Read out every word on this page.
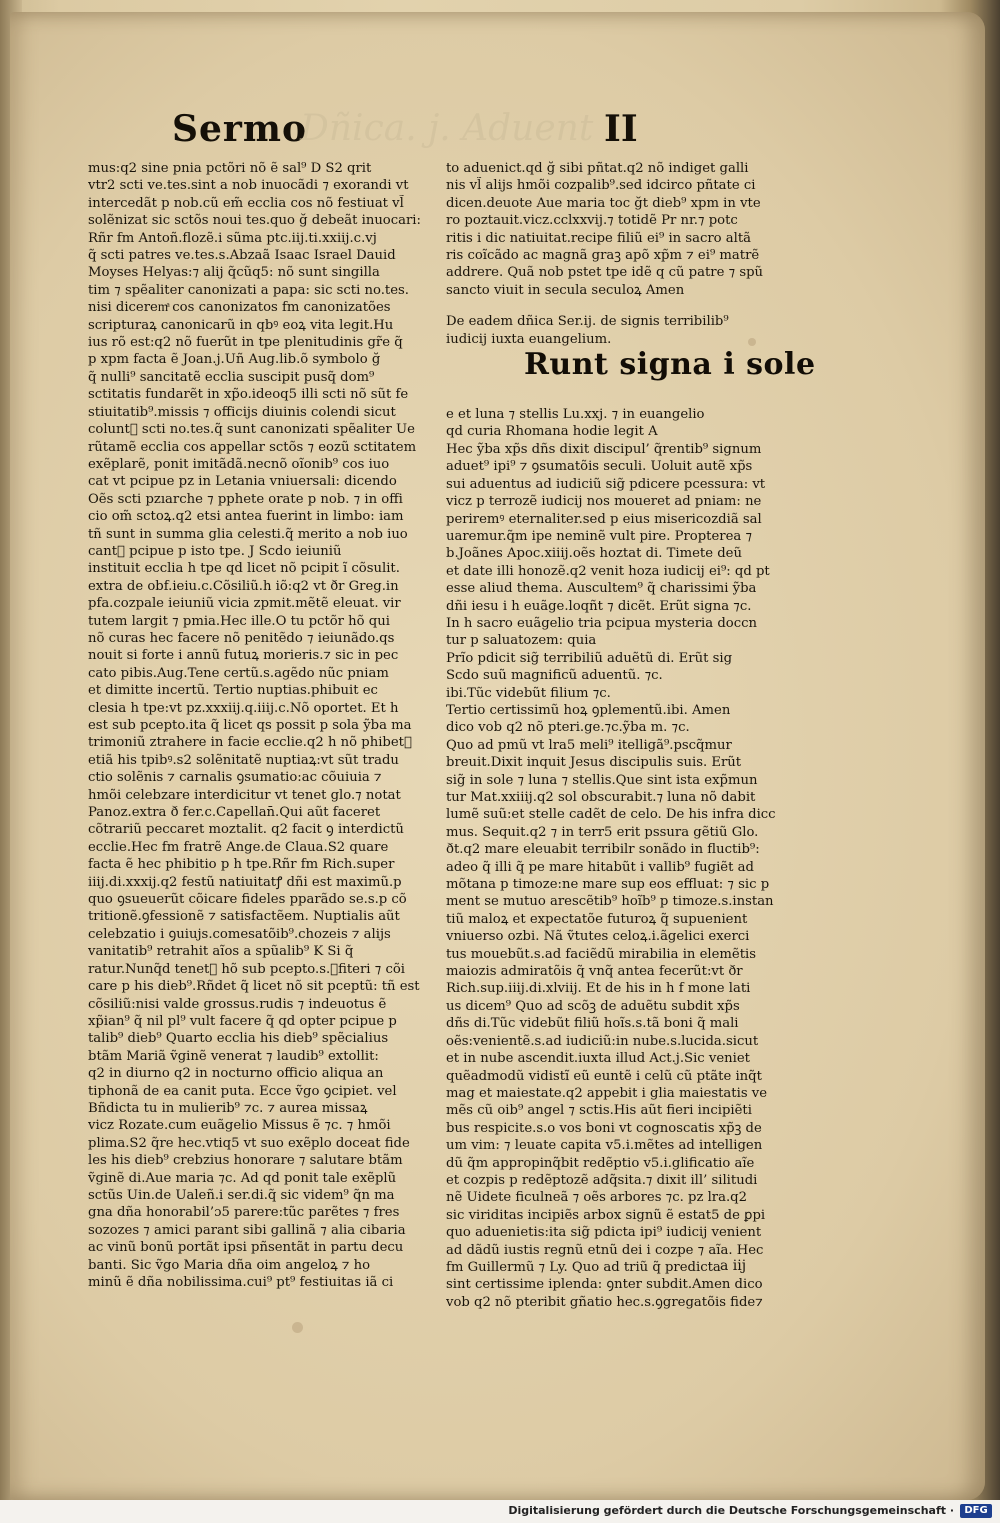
Sermo
Dñica. j. Aduent II
mus:q2 sine pnia pctõri nõ ẽ sal⁹ D S2 qrit
vtr2 scti ve.tes.sint a nob inuocãdi ⁊ exorandi vt
intercedãt p nob.cũ em̃ ecclia cos nõ festiuat vl̃
solẽnizat sic sctõs noui tes.quo ğ debeãt inuocari:
Rñr fm Antoñ.flozẽ.i sũma ptc.iij.ti.xxiij.c.vj
q̃ scti patres ve.tes.s.Abzaã Isaac Israel Dauid
Moyses Helyas:⁊ alij q̃cũq5: nõ sunt singilla
tim ⁊ spẽaliter canonizati a papa: sic scti no.tes.
nisi diceremͣ cos canonizatos fm canonizatões
scripturaꝝ canonicarũ in qbꝰ eoꝝ vita legit.Hu
ius rõ est:q2 nõ fuerũt in tpe plenitudinis gr̃e q̃
p xpm facta ẽ Joan.j.Uñ Aug.lib.õ symbolo ğ
q̃ nulli⁹ sancitatẽ ecclia suscipit pusq̃ dom⁹
sctitatis fundarẽt in xp̃o.ideoq5 illi scti nõ sũt fe
stiuitatib⁹.missis ⁊ officijs diuinis colendi sicut
coluntᷣ scti no.tes.q̃ sunt canonizati spẽaliter Ue
rũtamẽ ecclia cos appellar sctõs ⁊ eozũ sctitatem
exẽplarẽ, ponit imitãdã.necnõ oĩonib⁹ cos iuo
cat vt pcipue pz in Letania vniuersali: dicendo
Oẽs scti pzıarche ⁊ pphete orate p nob. ⁊ in offi
cio om̃ sctoꝝ.q2 etsi antea fuerint in limbo: iam
tñ sunt in summa glia celesti.q̃ merito a nob iuo
cantᷣ pcipue p isto tpe. J Scdo ieiuniũ
instituit ecclia h tpe qd licet nõ pcipit ĩ cõsulit.
extra de obf.ieiu.c.Cõsiliũ.h iõ:q2 vt ðr Greg.in
pfa.cozpale ieiuniũ vicia zpmit.mẽtẽ eleuat. vir
tutem largit ⁊ pmia.Hec ille.O tu pctõr hõ qui
nõ curas hec facere nõ penitẽdo ⁊ ieiunãdo.qs
nouit si forte i annũ futuꝝ morieris.⁊ sic in pec
cato pibis.Aug.Tene certũ.s.agẽdo nũc pniam
et dimitte incertũ. Tertio nuptias.phibuit ec
clesia h tpe:vt pz.xxxiij.q.iiij.c.Nõ oportet. Et h
est sub pcepto.ita q̃ licet qs possit p sola ỹba ma
trimoniũ ztrahere in facie ecclie.q2 h nõ phibetᷣ
etiã his tpibꝰ.s2 solẽnitatẽ nuptiaꝝ:vt sũt tradu
ctio solẽnis ⁊ carnalis ꝯsumatio:ac cõuiuia ⁊
hmõi celebzare interdicitur vt tenet glo.⁊ notat
Panoz.extra ð fer.c.Capellan̄.Qui aũt faceret
cõtrariũ peccaret moztalit. q2 facit ꝯ interdictũ
ecclie.Hec fm fratrẽ Ange.de Claua.S2 quare
facta ẽ hec phibitio p h tpe.Rñr fm Rich.super
iiij.di.xxxij.q2 festũ natiuitatꝭ dñi est maximũ.p
quo ꝯsueuerũt cõicare fideles pparãdo se.s.p cõ
tritionẽ.ꝯfessionẽ ⁊ satisfactẽem. Nuptialis aũt
celebzatio i ꝯuiujs.comesatõib⁹.chozeis ⁊ alijs
vanitatib⁹ retrahit aĩos a spũalib⁹ K Si q̃
ratur.Nunq̃d tenetᷣ hõ sub pcepto.s.ꝯfiteri ⁊ cõi
care p his dieb⁹.Rñdet q̃ licet nõ sit pceptũ: tñ est
cõsiliũ:nisi valde grossus.rudis ⁊ indeuotus ẽ
xp̃ian⁹ q̃ nil pl⁹ vult facere q̃ qd opter pcipue p
talib⁹ dieb⁹ Quarto ecclia his dieb⁹ spẽcialius
btãm Mariã ṽginẽ venerat ⁊ laudib⁹ extollit:
q2 in diurno q2 in nocturno officio aliqua an
tiphonã de ea canit puta. Ecce ṽgo ꝯcipiet. vel
Bñdicta tu in mulierib⁹ ⁊c. ⁊ aurea missaꝝ
vicz Rozate.cum euãgelio Missus ẽ ⁊c. ⁊ hmõi
plima.S2 q̃re hec.vtiq5 vt suo exẽplo doceat fide
les his dieb⁹ crebzius honorare ⁊ salutare btãm
ṽginẽ di.Aue maria ⁊c. Ad qd ponit tale exẽplũ
sctũs Uin.de Ualeñ.i ser.di.q̃ sic videm⁹ q̃n ma
gna dña honorabil’ɔ5 parere:tũc parẽtes ⁊ fres
sozozes ⁊ amici parant sibi gallinã ⁊ alia cibaria
ac vinũ bonũ portãt ipsi pñsentãt in partu decu
banti. Sic ṽgo Maria dña oim angeloꝝ ⁊ ho
minũ ẽ dña nobilissima.cui⁹ pt⁹ festiuitas iã ci
to aduenict.qd ğ sibi pñtat.q2 nõ indiget galli
nis vl̃ alijs hmõi cozpalib⁹.sed idcirco pñtate ci
dicen.deuote Aue maria toc ğt dieb⁹ xpm in vte
ro poztauit.vicz.cclxxvij.⁊ totidẽ Pr nr.⁊ potc
ritis i dic natiuitat.recipe filiũ ei⁹ in sacro altã
ris coĩcãdo ac magnã graꝫ apõ xp̃m ⁊ ei⁹ matrẽ
addrere. Quã nob pstet tpe idẽ q cũ patre ⁊ spũ
sancto viuit in secula seculoꝝ Amen
De eadem dñica Ser.ij. de signis terribilib⁹
iudicij iuxta euangelium.
e et luna ⁊ stellis Lu.xxj. ⁊ in euangelio
qd curia Rhomana hodie legit A
Hec ỹba xp̃s dñs dixit discipul’ q̃rentib⁹ signum
aduet⁹ ipi⁹ ⁊ ꝯsumatõis seculi. Uoluit autẽ xp̃s
sui aduentus ad iudiciũ sig̃ pdicere pcessura: vt
vicz p terrozẽ iudicij nos moueret ad pniam: ne
periremꝰ eternaliter.sed p eius misericozdiã sal
uaremur.q̃m ipe neminẽ vult pire. Propterea ⁊
b.Joãnes Apoc.xiiij.oẽs hoztat di. Timete deũ
et date illi honozẽ.q2 venit hoza iudicij ei⁹: qd pt
esse aliud thema. Auscultem⁹ q̃ charissimi ỹba
dñi iesu i h euãge.loqñt ⁊ dicẽt. Erũt signa ⁊c.
In h sacro euãgelio tria pcipua mysteria doccn
tur p saluatozem: quia
Prĩo pdicit sig̃ terribiliũ aduẽtũ di. Erũt sig
Scdo suũ magnificũ aduentũ. ⁊c.
ibi.Tũc videbũt filium ⁊c.
Tertio certissimũ hoꝝ ꝯplementũ.ibi. Amen
dico vob q2 nõ pteri.ge.⁊c.ỹba m. ⁊c.
Quo ad pmũ vt lra5 meli⁹ itelligã⁹.pscq̃mur
breuit.Dixit inquit Jesus discipulis suis. Erũt
sig̃ in sole ⁊ luna ⁊ stellis.Que sint ista exp̃mun
tur Mat.xxiiij.q2 sol obscurabit.⁊ luna nõ dabit
lumẽ suũ:et stelle cadẽt de celo. De his infra dicc
mus. Sequit.q2 ⁊ in terr5 erit pssura gẽtiũ Glo.
ðt.q2 mare eleuabit terribilr sonãdo in fluctib⁹:
adeo q̃ illi q̃ pe mare hitabũt i vallib⁹ fugiẽt ad
mõtana p timoze:ne mare sup eos effluat: ⁊ sic p
ment se mutuo arescẽtib⁹ hoĩb⁹ p timoze.s.instan
tiũ maloꝝ et expectatõe futuroꝝ q̃ supuenient
vniuerso ozbi. Nã ṽtutes celoꝝ.i.ãgelici exerci
tus mouebũt.s.ad faciẽdũ mirabilia in elemẽtis
maiozis admiratõis q̃ vnq̃ antea fecerũt:vt ðr
Rich.sup.iiij.di.xlviij. Et de his in h f mone lati
us dicem⁹ Quo ad scõꝫ de aduẽtu subdit xp̃s
dñs di.Tũc videbũt filiũ hoĩs.s.tã boni q̃ mali
oẽs:venientẽ.s.ad iudiciũ:in nube.s.lucida.sicut
et in nube ascendit.iuxta illud Act.j.Sic veniet
quẽadmodũ vidistĩ eũ euntẽ i celũ cũ ptãte inq̃t
mag et maiestate.q2 appebit i glia maiestatis ve
mẽs cũ oib⁹ angel ⁊ sctis.His aũt fieri incipiẽti
bus respicite.s.o vos boni vt cognoscatis xp̃ꝫ de
um vim: ⁊ leuate capita v5.i.mẽtes ad intelligen
dũ q̃m appropinq̃bit redẽptio v5.i.glificatio aĩe
et cozpis p redẽptozẽ adq̃sita.⁊ dixit ill’ silitudi
nẽ Uidete ficulneã ⁊ oẽs arbores ⁊c. pz lra.q2
sic viriditas incipiẽs arbox signũ ẽ estat5 de ꝑpi
quo aduenietis:ita sig̃ pdicta ipi⁹ iudicij venient
ad dãdũ iustis regnũ etnũ dei i cozpe ⁊ aĩa. Hec
fm Guillermũ ⁊ Ly. Quo ad triũ q̃ predicta
sint certissime iplenda: ꝯnter subdit.Amen dico
vob q2 nõ pteribit gñatio hec.s.ꝯgregatõis fide⁊
Runt signa i sole
a iij
Digitalisierung gefördert durch die Deutsche Forschungsgemeinschaft ·	DFG
